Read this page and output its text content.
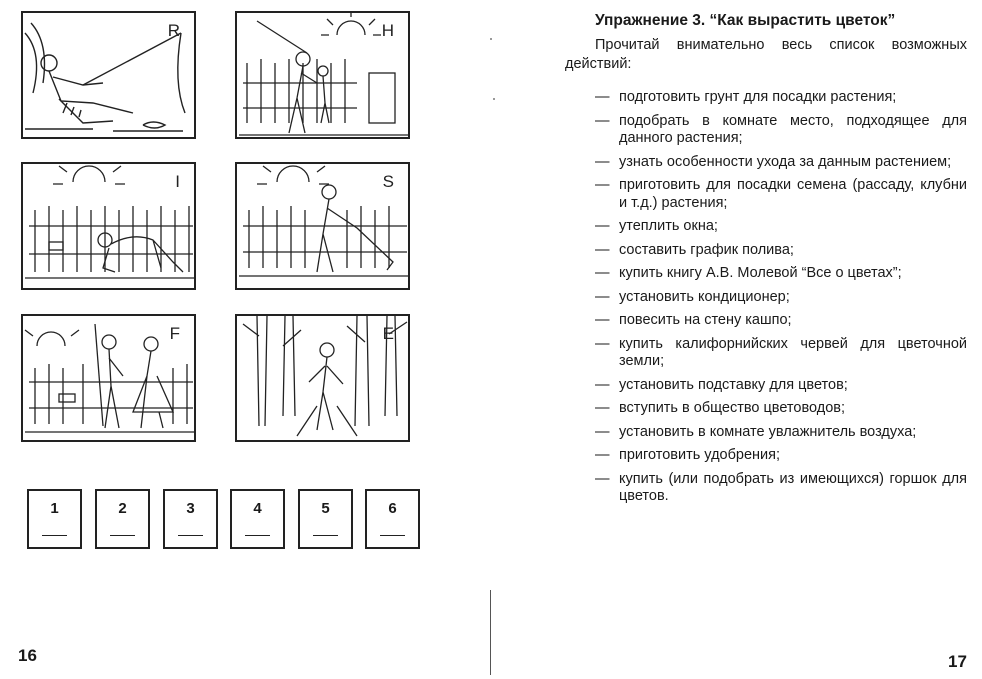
R	H
I	S
F	E
1	2	3	4	5	6
16
Упражнение 3. “Как вырастить цветок”
Прочитай внимательно весь список возможных действий:
— подготовить грунт для посадки растения;
— подобрать в комнате место, подходящее для данного растения;
— узнать особенности ухода за данным растением;
— приготовить для посадки семена (рассаду, клубни и т.д.) растения;
— утеплить окна;
— составить график полива;
— купить книгу А.В. Молевой “Все о цветах”;
— установить кондиционер;
— повесить на стену кашпо;
— купить калифорнийских червей для цветочной земли;
— установить подставку для цветов;
— вступить в общество цветоводов;
— установить в комнате увлажнитель воздуха;
— приготовить удобрения;
— купить (или подобрать из имеющихся) горшок для цветов.
17
